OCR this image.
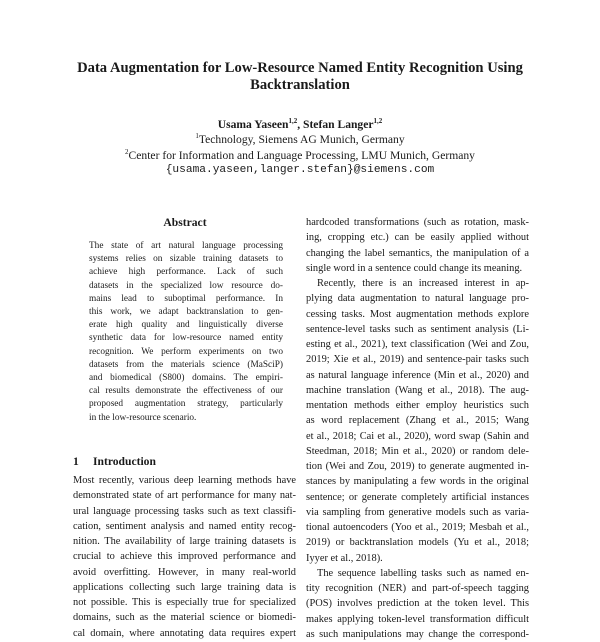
Data Augmentation for Low-Resource Named Entity Recognition Using
Backtranslation
Usama Yaseen$^{1,2}$, Stefan Langer$^{1,2}$
$^1$Technology, Siemens AG Munich, Germany
$^2$Center for Information and Language Processing, LMU Munich, Germany
{usama.yaseen,langer.stefan}@siemens.com
Abstract
The state of art natural language processing
systems relies on sizable training datasets to
achieve high performance. Lack of such
datasets in the specialized low resource do-
mains lead to suboptimal performance. In
this work, we adapt backtranslation to gen-
erate high quality and linguistically diverse
synthetic data for low-resource named entity
recognition. We perform experiments on two
datasets from the materials science (MaSciP)
and biomedical (S800) domains. The empiri-
cal results demonstrate the effectiveness of our
proposed augmentation strategy, particularly
in the low-resource scenario.
1 Introduction
Most recently, various deep learning methods have
demonstrated state of art performance for many nat-
ural language processing tasks such as text classifi-
cation, sentiment analysis and named entity recog-
nition. The availability of large training datasets is
crucial to achieve this improved performance and
avoid overfitting. However, in many real-world
applications collecting such large training data is
not possible. This is especially true for specialized
domains, such as the material science or biomedi-
cal domain, where annotating data requires expert
hardcoded transformations (such as rotation, mask-
ing, cropping etc.) can be easily applied without
changing the label semantics, the manipulation of a
single word in a sentence could change its meaning.
Recently, there is an increased interest in ap-
plying data augmentation to natural language pro-
cessing tasks. Most augmentation methods explore
sentence-level tasks such as sentiment analysis (Li-
esting et al., 2021), text classification (Wei and Zou,
2019; Xie et al., 2019) and sentence-pair tasks such
as natural language inference (Min et al., 2020) and
machine translation (Wang et al., 2018). The aug-
mentation methods either employ heuristics such
as word replacement (Zhang et al., 2015; Wang
et al., 2018; Cai et al., 2020), word swap (Sahin and
Steedman, 2018; Min et al., 2020) or random dele-
tion (Wei and Zou, 2019) to generate augmented in-
stances by manipulating a few words in the original
sentence; or generate completely artificial instances
via sampling from generative models such as varia-
tional autoencoders (Yoo et al., 2019; Mesbah et al.,
2019) or backtranslation models (Yu et al., 2018;
Iyyer et al., 2018).
The sequence labelling tasks such as named en-
tity recognition (NER) and part-of-speech tagging
(POS) involves prediction at the token level. This
makes applying token-level transformation difficult
as such manipulations may change the correspond-
